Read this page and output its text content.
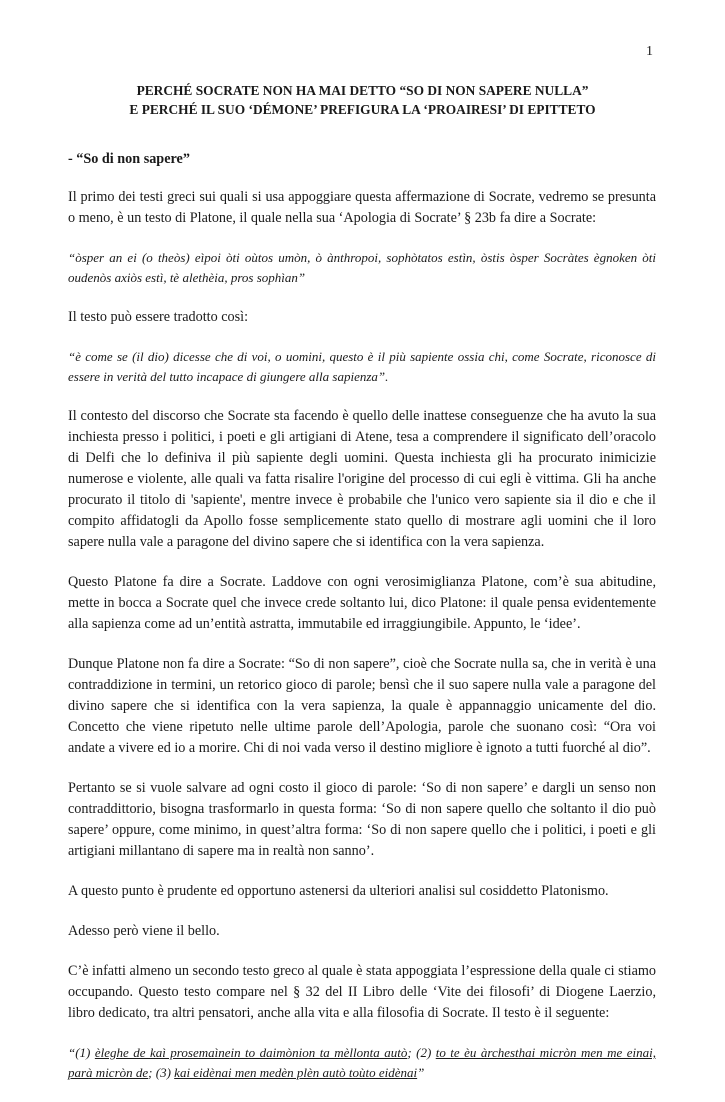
1
PERCHÉ SOCRATE NON HA MAI DETTO “SO DI NON SAPERE NULLA”
E PERCHÉ IL SUO ‘DÉMONE’ PREFIGURA LA ‘PROAIRESI’ DI EPITTETO

- “So di non sapere”

Il primo dei testi greci sui quali si usa appoggiare questa affermazione di Socrate, vedremo se presunta o meno, è un testo di Platone, il quale nella sua ‘Apologia di Socrate’ § 23b fa dire a Socrate:

“òsper an ei (o theòs) eìpoi òti oùtos umòn, ò ànthropoi, sophòtatos estìn, òstis òsper Socràtes ègnoken òti oudenòs axiòs estì, tè alethèia, pros sophìan”

Il testo può essere tradotto così:

“è come se (il dio) dicesse che di voi, o uomini, questo è il più sapiente ossia chi, come Socrate, riconosce di essere in verità del tutto incapace di giungere alla sapienza”.

Il contesto del discorso che Socrate sta facendo è quello delle inattese conseguenze che ha avuto la sua inchiesta presso i politici, i poeti e gli artigiani di Atene, tesa a comprendere il significato dell’oracolo di Delfi che lo definiva il più sapiente degli uomini. Questa inchiesta gli ha procurato inimicizie numerose e violente, alle quali va fatta risalire l'origine del processo di cui egli è vittima. Gli ha anche procurato il titolo di 'sapiente', mentre invece è probabile che l'unico vero sapiente sia il dio e che il compito affidatogli da Apollo fosse semplicemente stato quello di mostrare agli uomini che il loro sapere nulla vale a paragone del divino sapere che si identifica con la vera sapienza.

Questo Platone fa dire a Socrate. Laddove con ogni verosimiglianza Platone, com’è sua abitudine, mette in bocca a Socrate quel che invece crede soltanto lui, dico Platone: il quale pensa evidentemente alla sapienza come ad un’entità astratta, immutabile ed irraggiungibile. Appunto, le ‘idee’.

Dunque Platone non fa dire a Socrate: “So di non sapere”, cioè che Socrate nulla sa, che in verità è una contraddizione in termini, un retorico gioco di parole; bensì che il suo sapere nulla vale a paragone del divino sapere che si identifica con la vera sapienza, la quale è appannaggio unicamente del dio. Concetto che viene ripetuto nelle ultime parole dell’Apologia, parole che suonano così: “Ora voi andate a vivere ed io a morire. Chi di noi vada verso il destino migliore è ignoto a tutti fuorché al dio”.

Pertanto se si vuole salvare ad ogni costo il gioco di parole: ‘So di non sapere’ e dargli un senso non contraddittorio, bisogna trasformarlo in questa forma: ‘So di non sapere quello che soltanto il dio può sapere’ oppure, come minimo, in quest’altra forma: ‘So di non sapere quello che i politici, i poeti e gli artigiani millantano di sapere ma in realtà non sanno’.

A questo punto è prudente ed opportuno astenersi da ulteriori analisi sul cosiddetto Platonismo.

Adesso però viene il bello.

C’è infatti almeno un secondo testo greco al quale è stata appoggiata l’espressione della quale ci stiamo occupando. Questo testo compare nel § 32 del II Libro delle ‘Vite dei filosofi’ di Diogene Laerzio, libro dedicato, tra altri pensatori, anche alla vita e alla filosofia di Socrate. Il testo è il seguente:

“(1) èleghe de kaì prosemaìnein to daimònion ta mèllonta autò; (2) to te èu àrchesthai micròn men me einai, parà micròn de; (3) kai eidènai men medèn plèn autò toùto eidènai”
